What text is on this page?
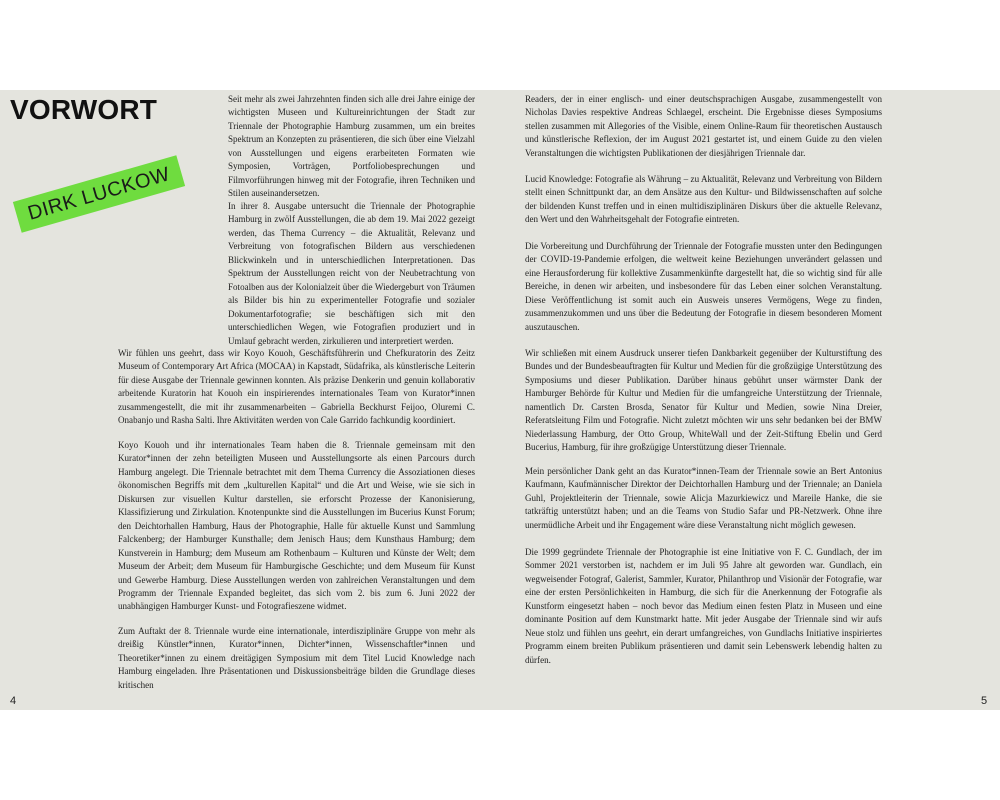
VORWORT
DIRK LUCKOW

Seit mehr als zwei Jahrzehnten finden sich alle drei Jahre einige der wichtigsten Museen und Kultureinrichtungen der Stadt zur Triennale der Photographie Hamburg zusammen, um ein breites Spektrum an Konzepten zu präsentieren, die sich über eine Vielzahl von Ausstellungen und eigens erarbeiteten Formaten wie Symposien, Vorträgen, Portfoliobesprechungen und Filmvorführungen hinweg mit der Fotografie, ihren Techniken und Stilen auseinandersetzen.

In ihrer 8. Ausgabe untersucht die Triennale der Photographie Hamburg in zwölf Ausstellungen, die ab dem 19. Mai 2022 gezeigt werden, das Thema Currency – die Aktualität, Relevanz und Verbreitung von fotografischen Bildern aus verschiedenen Blickwinkeln und in unterschiedlichen Interpretationen. Das Spektrum der Ausstellungen reicht von der Neubetrachtung von Fotoalben aus der Kolonialzeit über die Wiedergeburt von Träumen als Bilder bis hin zu experimenteller Fotografie und sozialer Dokumentarfotografie; sie beschäftigen sich mit den unterschiedlichen Wegen, wie Fotografien produziert und in Umlauf gebracht werden, zirkulieren und interpretiert werden.

Wir fühlen uns geehrt, dass wir Koyo Kouoh, Geschäftsführerin und Chefkuratorin des Zeitz Museum of Contemporary Art Africa (MOCAA) in Kapstadt, Südafrika, als künstlerische Leiterin für diese Ausgabe der Triennale gewinnen konnten. Als präzise Denkerin und genuin kollaborativ arbeitende Kuratorin hat Kouoh ein inspirierendes internationales Team von Kurator*innen zusammengestellt, die mit ihr zusammenarbeiten – Gabriella Beckhurst Feijoo, Oluremi C. Onabanjo und Rasha Salti. Ihre Aktivitäten werden von Cale Garrido fachkundig koordiniert.

Koyo Kouoh und ihr internationales Team haben die 8. Triennale gemeinsam mit den Kurator*innen der zehn beteiligten Museen und Ausstellungsorte als einen Parcours durch Hamburg angelegt. Die Triennale betrachtet mit dem Thema Currency die Assoziationen dieses ökonomischen Begriffs mit dem „kulturellen Kapital“ und die Art und Weise, wie sie sich in Diskursen zur visuellen Kultur darstellen, sie erforscht Prozesse der Kanonisierung, Klassifizierung und Zirkulation. Knotenpunkte sind die Ausstellungen im Bucerius Kunst Forum; den Deichtorhallen Hamburg, Haus der Photographie, Halle für aktuelle Kunst und Sammlung Falckenberg; der Hamburger Kunsthalle; dem Jenisch Haus; dem Kunsthaus Hamburg; dem Kunstverein in Hamburg; dem Museum am Rothenbaum – Kulturen und Künste der Welt; dem Museum der Arbeit; dem Museum für Hamburgische Geschichte; und dem Museum für Kunst und Gewerbe Hamburg. Diese Ausstellungen werden von zahlreichen Veranstaltungen und dem Programm der Triennale Expanded begleitet, das sich vom 2. bis zum 6. Juni 2022 der unabhängigen Hamburger Kunst- und Fotografieszene widmet.

Zum Auftakt der 8. Triennale wurde eine internationale, interdisziplinäre Gruppe von mehr als dreißig Künstler*innen, Kurator*innen, Dichter*innen, Wissenschaftler*innen und Theoretiker*innen zu einem dreitägigen Symposium mit dem Titel Lucid Knowledge nach Hamburg eingeladen. Ihre Präsentationen und Diskussionsbeiträge bilden die Grundlage dieses kritischen

4

Readers, der in einer englisch- und einer deutschsprachigen Ausgabe, zusammengestellt von Nicholas Davies respektive Andreas Schlaegel, erscheint. Die Ergebnisse dieses Symposiums stellen zusammen mit Allegories of the Visible, einem Online-Raum für theoretischen Austausch und künstlerische Reflexion, der im August 2021 gestartet ist, und einem Guide zu den vielen Veranstaltungen die wichtigsten Publikationen der diesjährigen Triennale dar.

Lucid Knowledge: Fotografie als Währung – zu Aktualität, Relevanz und Verbreitung von Bildern stellt einen Schnittpunkt dar, an dem Ansätze aus den Kultur- und Bildwissenschaften auf solche der bildenden Kunst treffen und in einen multidisziplinären Diskurs über die aktuelle Relevanz, den Wert und den Wahrheitsgehalt der Fotografie eintreten.

Die Vorbereitung und Durchführung der Triennale der Fotografie mussten unter den Bedingungen der COVID-19-Pandemie erfolgen, die weltweit keine Beziehungen unverändert gelassen und eine Herausforderung für kollektive Zusammenkünfte dargestellt hat, die so wichtig sind für alle Bereiche, in denen wir arbeiten, und insbesondere für das Leben einer solchen Veranstaltung. Diese Veröffentlichung ist somit auch ein Ausweis unseres Vermögens, Wege zu finden, zusammenzukommen und uns über die Bedeutung der Fotografie in diesem besonderen Moment auszutauschen.

Wir schließen mit einem Ausdruck unserer tiefen Dankbarkeit gegenüber der Kulturstiftung des Bundes und der Bundesbeauftragten für Kultur und Medien für die großzügige Unterstützung des Symposiums und dieser Publikation. Darüber hinaus gebührt unser wärmster Dank der Hamburger Behörde für Kultur und Medien für die umfangreiche Unterstützung der Triennale, namentlich Dr. Carsten Brosda, Senator für Kultur und Medien, sowie Nina Dreier, Referatsleitung Film und Fotografie. Nicht zuletzt möchten wir uns sehr bedanken bei der BMW Niederlassung Hamburg, der Otto Group, WhiteWall und der Zeit-Stiftung Ebelin und Gerd Bucerius, Hamburg, für ihre großzügige Unterstützung dieser Triennale.

Mein persönlicher Dank geht an das Kurator*innen-Team der Triennale sowie an Bert Antonius Kaufmann, Kaufmännischer Direktor der Deichtorhallen Hamburg und der Triennale; an Daniela Guhl, Projektleiterin der Triennale, sowie Alicja Mazurkiewicz und Mareile Hanke, die sie tatkräftig unterstützt haben; und an die Teams von Studio Safar und PR-Netzwerk. Ohne ihre unermüdliche Arbeit und ihr Engagement wäre diese Veranstaltung nicht möglich gewesen.

Die 1999 gegründete Triennale der Photographie ist eine Initiative von F. C. Gundlach, der im Sommer 2021 verstorben ist, nachdem er im Juli 95 Jahre alt geworden war. Gundlach, ein wegweisender Fotograf, Galerist, Sammler, Kurator, Philanthrop und Visionär der Fotografie, war eine der ersten Persönlichkeiten in Hamburg, die sich für die Anerkennung der Fotografie als Kunstform eingesetzt haben – noch bevor das Medium einen festen Platz in Museen und eine dominante Position auf dem Kunstmarkt hatte. Mit jeder Ausgabe der Triennale sind wir aufs Neue stolz und fühlen uns geehrt, ein derart umfangreiches, von Gundlachs Initiative inspiriertes Programm einem breiten Publikum präsentieren und damit sein Lebenswerk lebendig halten zu dürfen.

5
